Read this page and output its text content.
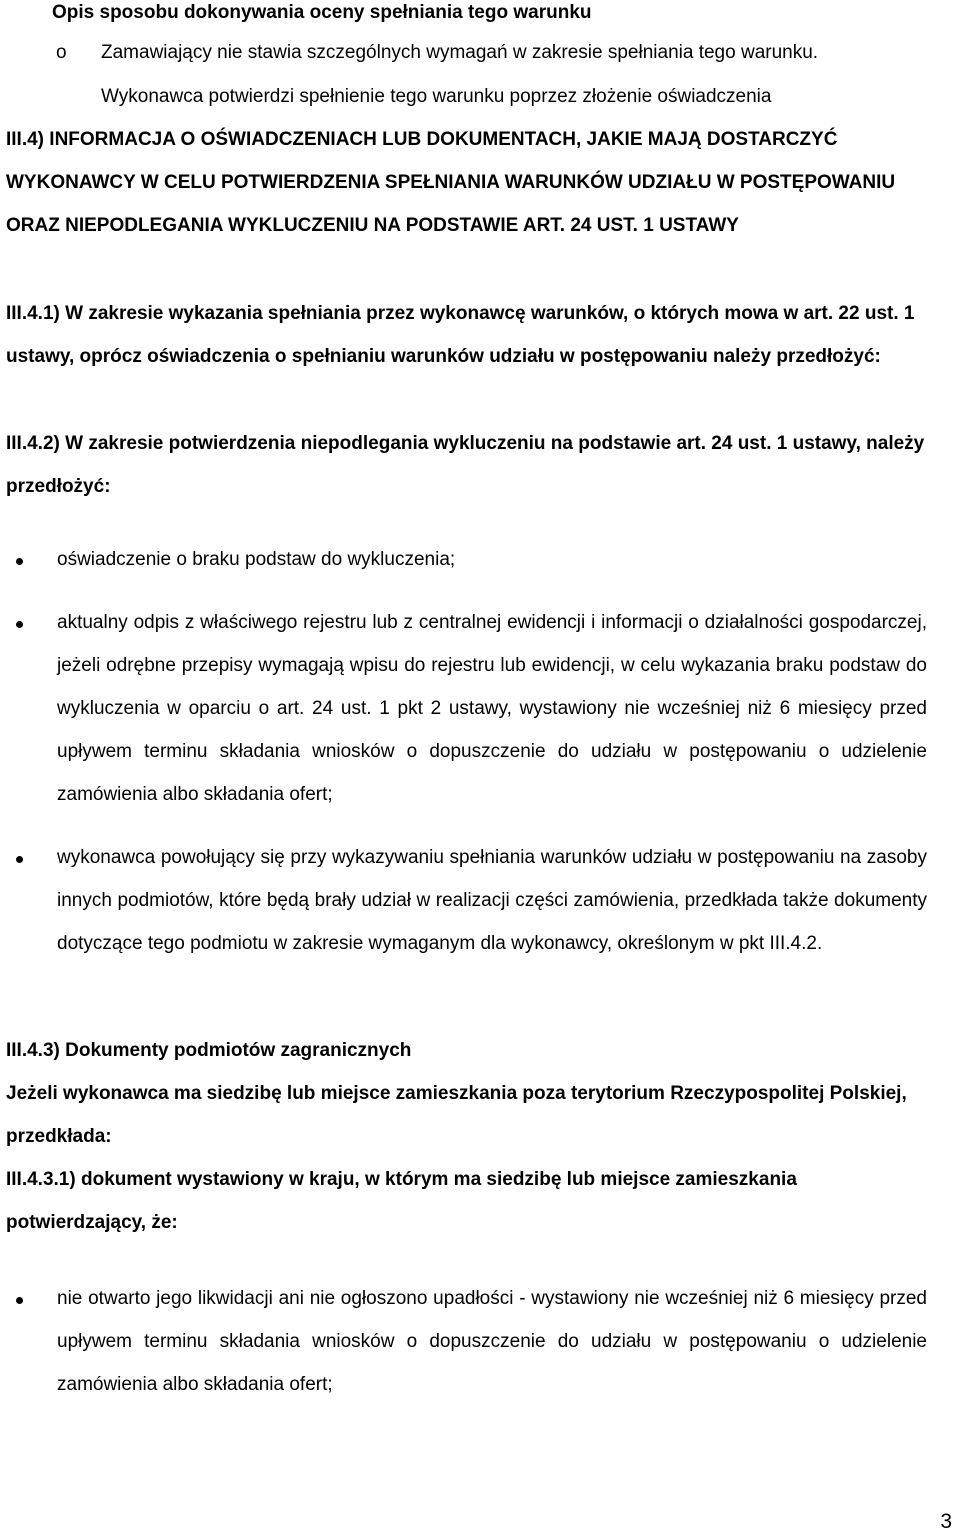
Opis sposobu dokonywania oceny spełniania tego warunku
o Zamawiający nie stawia szczególnych wymagań w zakresie spełniania tego warunku.
Wykonawca potwierdzi spełnienie tego warunku poprzez złożenie oświadczenia
III.4) INFORMACJA O OŚWIADCZENIACH LUB DOKUMENTACH, JAKIE MAJĄ DOSTARCZYĆ WYKONAWCY W CELU POTWIERDZENIA SPEŁNIANIA WARUNKÓW UDZIAŁU W POSTĘPOWANIU ORAZ NIEPODLEGANIA WYKLUCZENIU NA PODSTAWIE ART. 24 UST. 1 USTAWY
III.4.1) W zakresie wykazania spełniania przez wykonawcę warunków, o których mowa w art. 22 ust. 1 ustawy, oprócz oświadczenia o spełnianiu warunków udziału w postępowaniu należy przedłożyć:
III.4.2) W zakresie potwierdzenia niepodlegania wykluczeniu na podstawie art. 24 ust. 1 ustawy, należy przedłożyć:
oświadczenie o braku podstaw do wykluczenia;
aktualny odpis z właściwego rejestru lub z centralnej ewidencji i informacji o działalności gospodarczej, jeżeli odrębne przepisy wymagają wpisu do rejestru lub ewidencji, w celu wykazania braku podstaw do wykluczenia w oparciu o art. 24 ust. 1 pkt 2 ustawy, wystawiony nie wcześniej niż 6 miesięcy przed upływem terminu składania wniosków o dopuszczenie do udziału w postępowaniu o udzielenie zamówienia albo składania ofert;
wykonawca powołujący się przy wykazywaniu spełniania warunków udziału w postępowaniu na zasoby innych podmiotów, które będą brały udział w realizacji części zamówienia, przedkłada także dokumenty dotyczące tego podmiotu w zakresie wymaganym dla wykonawcy, określonym w pkt III.4.2.
III.4.3) Dokumenty podmiotów zagranicznych
Jeżeli wykonawca ma siedzibę lub miejsce zamieszkania poza terytorium Rzeczypospolitej Polskiej, przedkłada:
III.4.3.1) dokument wystawiony w kraju, w którym ma siedzibę lub miejsce zamieszkania potwierdzający, że:
nie otwarto jego likwidacji ani nie ogłoszono upadłości - wystawiony nie wcześniej niż 6 miesięcy przed upływem terminu składania wniosków o dopuszczenie do udziału w postępowaniu o udzielenie zamówienia albo składania ofert;
3
